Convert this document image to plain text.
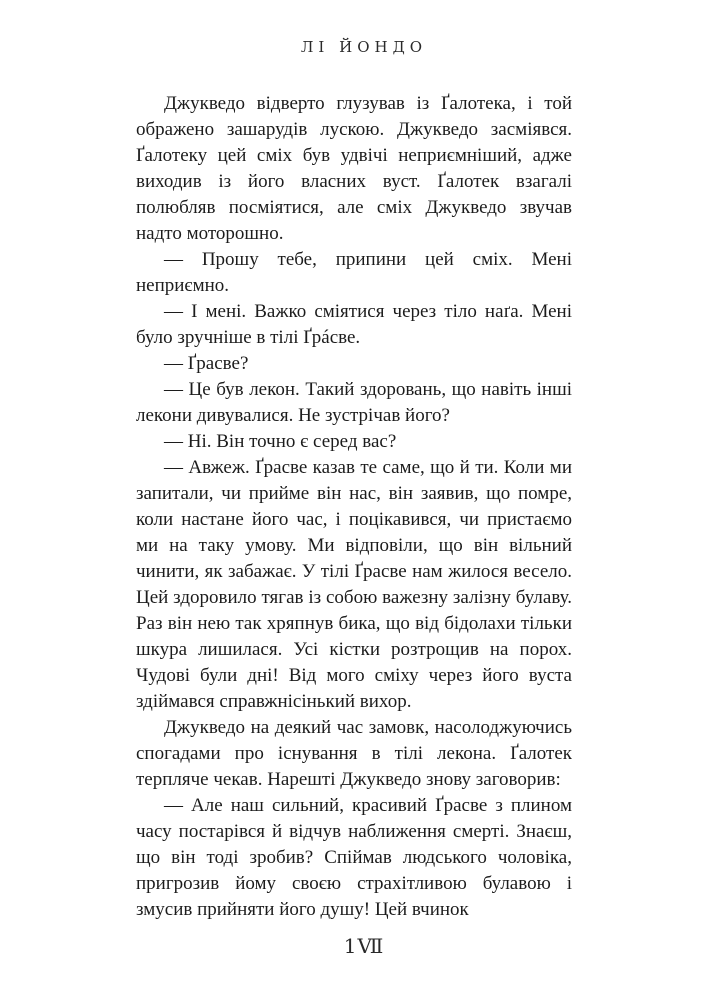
ЛІ ЙОНДО

Джукведо відверто глузував із Ґалотека, і той ображено зашарудів лускою. Джукведо засміявся. Ґалотеку цей сміх був удвічі неприємніший, адже виходив із його власних вуст. Ґалотек взагалі полюбляв посміятися, але сміх Джукведо звучав надто моторошно.

— Прошу тебе, припини цей сміх. Мені неприємно.

— І мені. Важко сміятися через тіло наґа. Мені було зручніше в тілі Ґрáсве.

— Ґрасве?

— Це був лекон. Такий здоровань, що навіть інші лекони дивувалися. Не зустрічав його?

— Ні. Він точно є серед вас?

— Авжеж. Ґрасве казав те саме, що й ти. Коли ми запитали, чи прийме він нас, він заявив, що помре, коли настане його час, і поцікавився, чи пристаємо ми на таку умову. Ми відповіли, що він вільний чинити, як забажає. У тілі Ґрасве нам жилося весело. Цей здоровило тягав із собою важезну залізну булаву. Раз він нею так хряпнув бика, що від бідолахи тільки шкура лишилася. Усі кістки розтрощив на порох. Чудові були дні! Від мого сміху через його вуста здіймався справжнісінький вихор.

Джукведо на деякий час замовк, насолоджуючись спогадами про існування в тілі лекона. Ґалотек терпляче чекав. Нарешті Джукведо знову заговорив:

— Але наш сильний, красивий Ґрасве з плином часу постарівся й відчув наближення смерті. Знаєш, що він тоді зробив? Спіймав людського чоловіка, пригрозив йому своєю страхітливою булавою і змусив прийняти його душу! Цей вчинок

1Ⅶ
